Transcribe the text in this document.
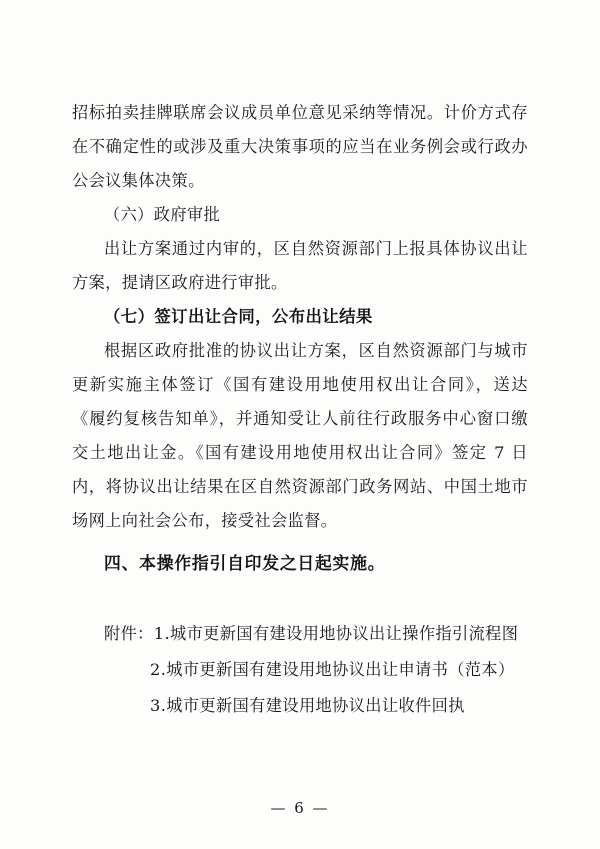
招标拍卖挂牌联席会议成员单位意见采纳等情况。计价方式存在不确定性的或涉及重大决策事项的应当在业务例会或行政办公会议集体决策。

（六）政府审批

出让方案通过内审的，区自然资源部门上报具体协议出让方案，提请区政府进行审批。

（七）签订出让合同，公布出让结果

根据区政府批准的协议出让方案，区自然资源部门与城市更新实施主体签订《国有建设用地使用权出让合同》，送达《履约复核告知单》，并通知受让人前往行政服务中心窗口缴交土地出让金。《国有建设用地使用权出让合同》签定 7 日内，将协议出让结果在区自然资源部门政务网站、中国土地市场网上向社会公布，接受社会监督。

四、本操作指引自印发之日起实施。

附件：1.城市更新国有建设用地协议出让操作指引流程图

2.城市更新国有建设用地协议出让申请书（范本）

3.城市更新国有建设用地协议出让收件回执

— 6 —
